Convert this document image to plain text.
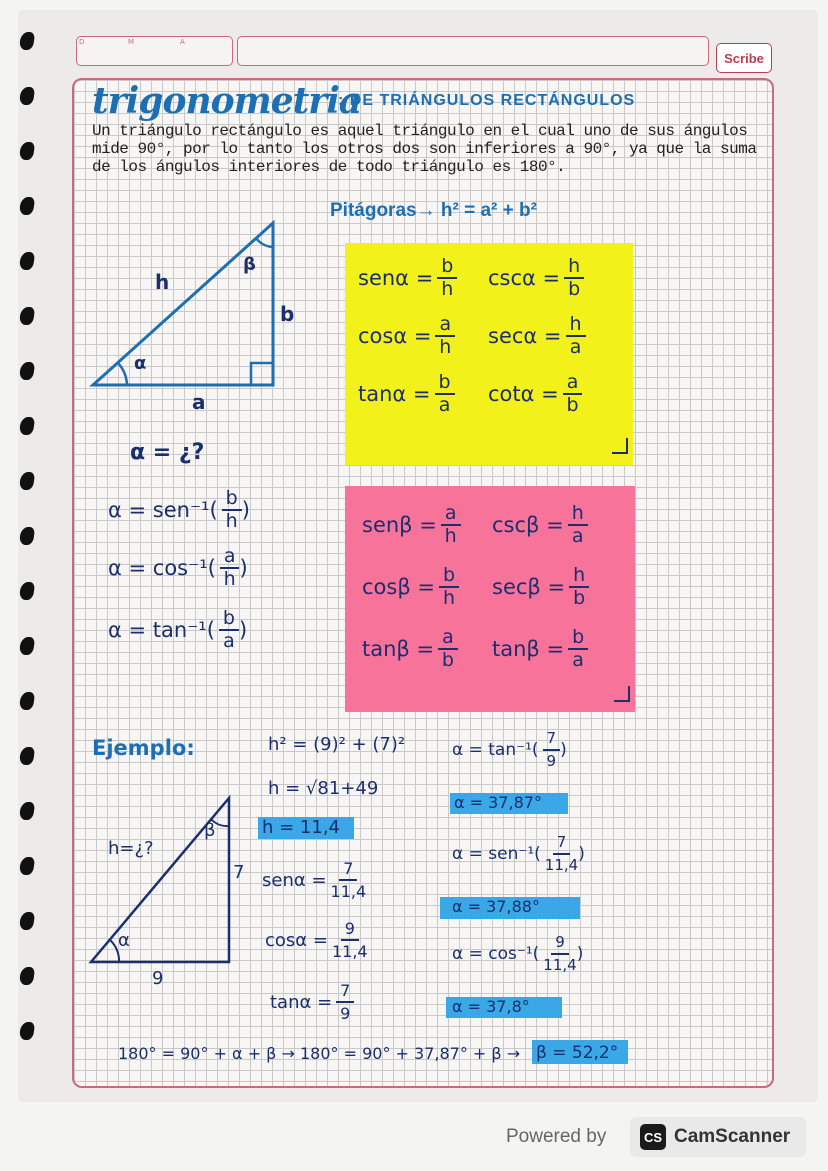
D	M	A
Scribe
trigonometria
: DE TRIÁNGULOS RECTÁNGULOS
Un triángulo rectángulo es aquel triángulo en el cual uno de sus ángulos mide 90°, por lo tanto los otros dos son inferiores a 90°, ya que la suma de los ángulos interiores de todo triángulo es 180°.
Pitágoras→ h² = a² + b²
h
b
a
α
β
α = ¿?
$\alpha = sen^{-1}( \frac{b}{h}$ )
$\alpha = \cos^{-1}( \frac{a}{h}$ )
$\alpha = \tan^{-1}( \frac{b}{a}$ )
$sen\alpha = \frac{b}{h}$ $\csc\alpha = \frac{h}{b}$
$\cos\alpha = \frac{a}{h}$ $\sec\alpha = \frac{h}{a}$
$\tan\alpha = \frac{b}{a}$ $\cot\alpha = \frac{a}{b}$
$sen\beta = \frac{a}{h}$ $\csc\beta = \frac{h}{a}$
$\cos\beta = \frac{b}{h}$ $\sec\beta = \frac{h}{b}$
$\tan\beta = \frac{a}{b}$ $\tan\beta = \frac{b}{a}$
Ejemplo:
h=¿?
7
9
α
β
h² = (9)² + (7)²
h = √81+49
h = 11,4
$sen\alpha = \frac{7}{11,4}$
$\cos\alpha = \frac{9}{11,4}$
$\tan\alpha = \frac{7}{9}$
$\alpha = \tan^{-1}( \frac{7}{9}$ )
α = 37,87°
$\alpha = sen^{-1}( \frac{7}{11,4}$ )
α = 37,88°
$\alpha = \cos^{-1}( \frac{9}{11,4}$ )
α = 37,8°
180° = 90° + α + β → 180° = 90° + 37,87° + β → β = 52,2°
Powered by	CS CamScanner
